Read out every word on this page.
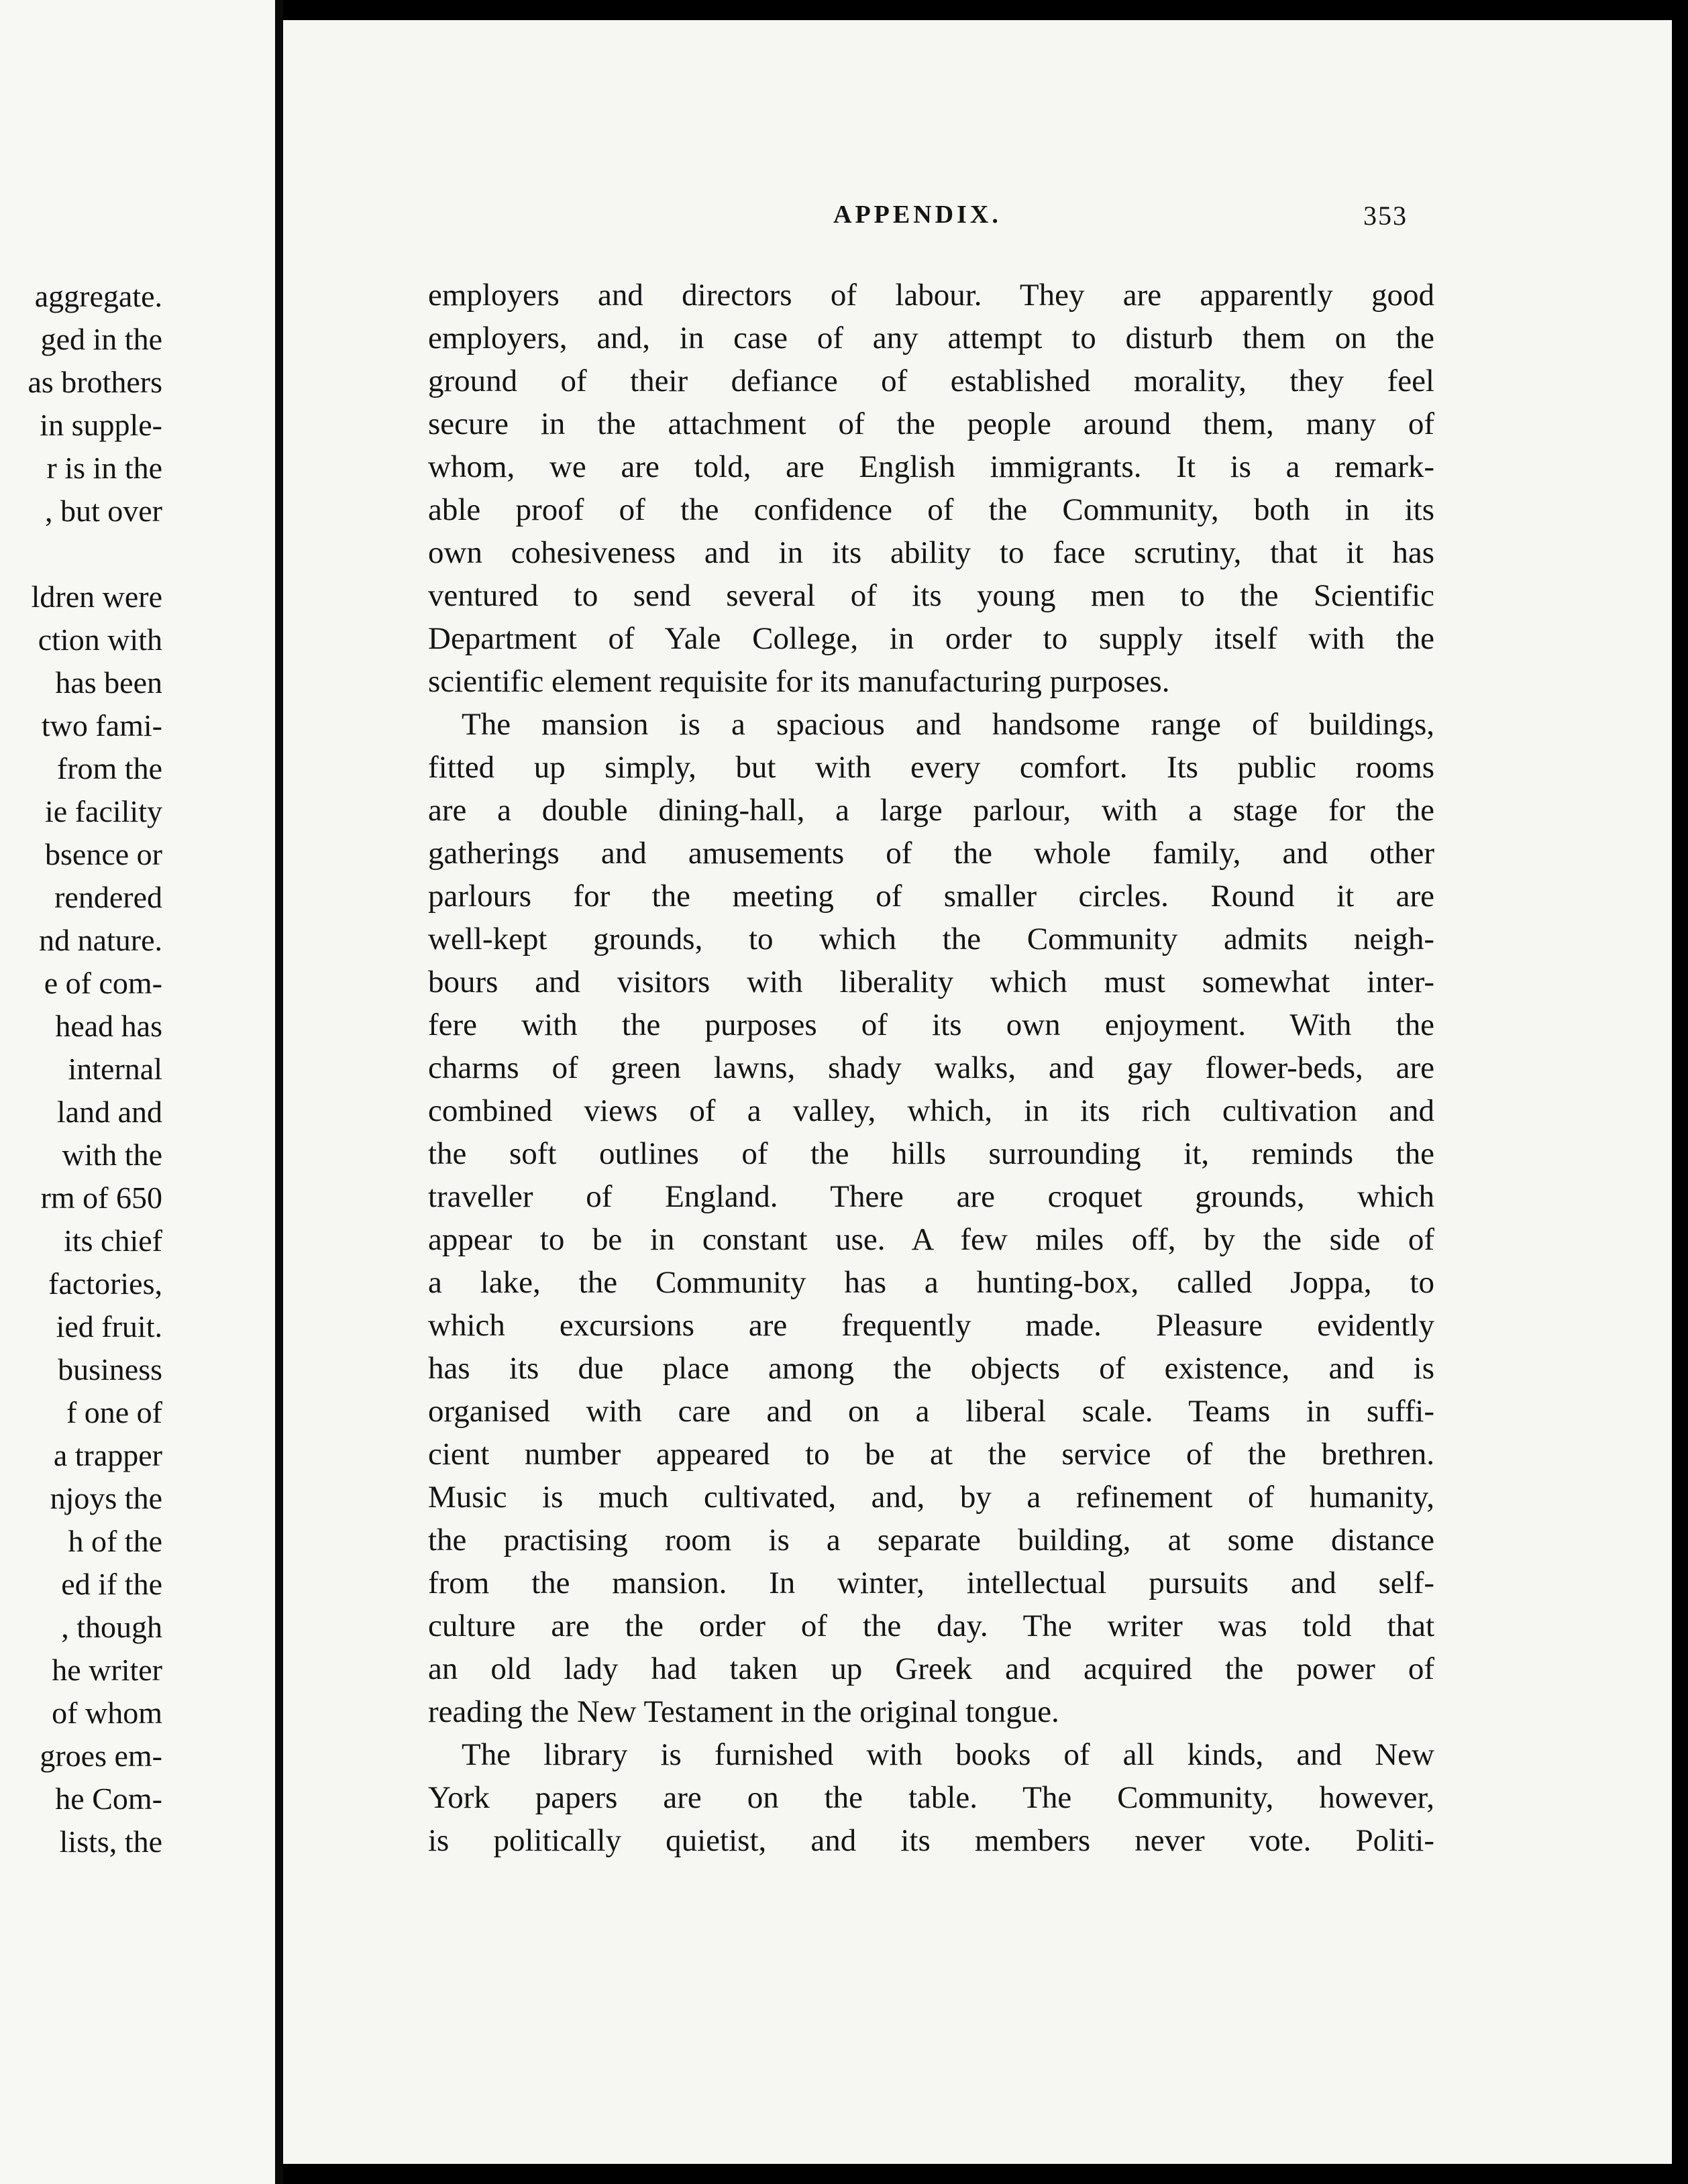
aggregate.
ged in the
as brothers
in supple-
r is in the
, but over

ldren were
ction with
has been
two fami-
from the
ie facility
bsence or
rendered
nd nature.
e of com-
head has
internal
land and
with the
rm of 650
its chief
factories,
ied fruit.
business
f one of
a trapper
njoys the
h of the
ed if the
, though
he writer
of whom
groes em-
he Com-
lists, the
APPENDIX.	353
employers and directors of labour. They are apparently good
employers, and, in case of any attempt to disturb them on the
ground of their defiance of established morality, they feel
secure in the attachment of the people around them, many of
whom, we are told, are English immigrants. It is a remark-
able proof of the confidence of the Community, both in its
own cohesiveness and in its ability to face scrutiny, that it has
ventured to send several of its young men to the Scientific
Department of Yale College, in order to supply itself with the
scientific element requisite for its manufacturing purposes.
The mansion is a spacious and handsome range of buildings,
fitted up simply, but with every comfort. Its public rooms
are a double dining-hall, a large parlour, with a stage for the
gatherings and amusements of the whole family, and other
parlours for the meeting of smaller circles. Round it are
well-kept grounds, to which the Community admits neigh-
bours and visitors with liberality which must somewhat inter-
fere with the purposes of its own enjoyment. With the
charms of green lawns, shady walks, and gay flower-beds, are
combined views of a valley, which, in its rich cultivation and
the soft outlines of the hills surrounding it, reminds the
traveller of England. There are croquet grounds, which
appear to be in constant use. A few miles off, by the side of
a lake, the Community has a hunting-box, called Joppa, to
which excursions are frequently made. Pleasure evidently
has its due place among the objects of existence, and is
organised with care and on a liberal scale. Teams in suffi-
cient number appeared to be at the service of the brethren.
Music is much cultivated, and, by a refinement of humanity,
the practising room is a separate building, at some distance
from the mansion. In winter, intellectual pursuits and self-
culture are the order of the day. The writer was told that
an old lady had taken up Greek and acquired the power of
reading the New Testament in the original tongue.
The library is furnished with books of all kinds, and New
York papers are on the table. The Community, however,
is politically quietist, and its members never vote. Politi-
